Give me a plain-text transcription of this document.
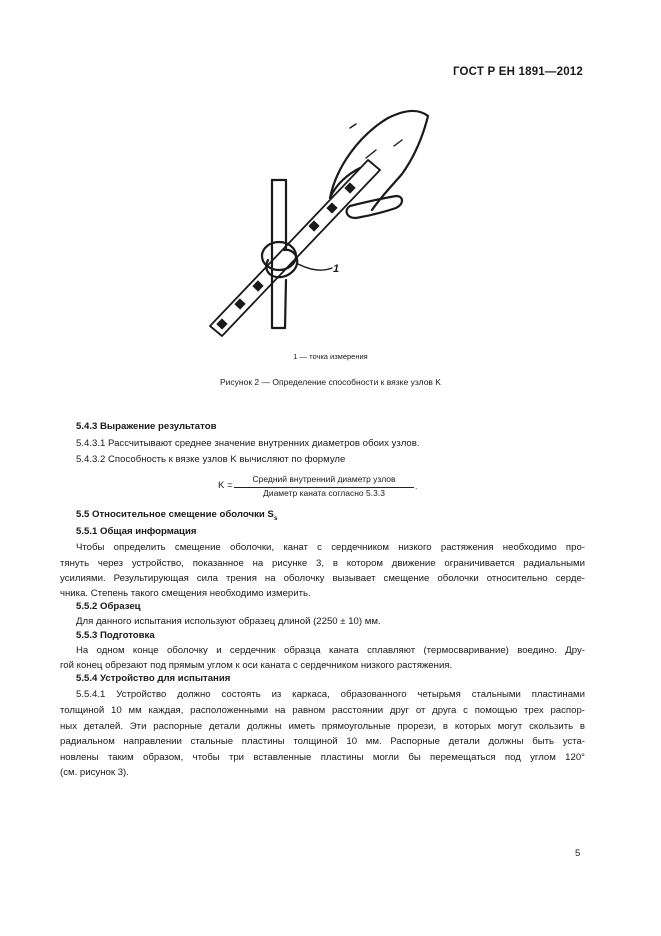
ГОСТ Р ЕН 1891—2012
1
1 — точка измерения
Рисунок 2 — Определение способности к вязке узлов K
5.4.3 Выражение результатов
5.4.3.1 Рассчитывают среднее значение внутренних диаметров обоих узлов.
5.4.3.2 Способность к вязке узлов K вычисляют по формуле
K =
Средний внутренний диаметр узлов
Диаметр каната согласно 5.3.3
.
5.5 Относительное смещение оболочки $S_s$
5.5.1 Общая информация
Чтобы определить смещение оболочки, канат с сердечником низкого растяжения необходимо про-
тянуть через устройство, показанное на рисунке 3, в котором движение ограничивается радиальными
усилиями. Результирующая сила трения на оболочку вызывает смещение оболочки относительно серде-
чника. Степень такого смещения необходимо измерить.
5.5.2 Образец
Для данного испытания используют образец длиной (2250 ± 10) мм.
5.5.3 Подготовка
На одном конце оболочку и сердечник образца каната сплавляют (термосваривание) воедино. Дру-
гой конец обрезают под прямым углом к оси каната с сердечником низкого растяжения.
5.5.4 Устройство для испытания
5.5.4.1 Устройство должно состоять из каркаса, образованного четырьмя стальными пластинами
толщиной 10 мм каждая, расположенными на равном расстоянии друг от друга с помощью трех распор-
ных деталей. Эти распорные детали должны иметь прямоугольные прорези, в которых могут скользить в
радиальном направлении стальные пластины толщиной 10 мм. Распорные детали должны быть уста-
новлены таким образом, чтобы три вставленные пластины могли бы перемещаться под углом 120°
(см. рисунок 3).
5
